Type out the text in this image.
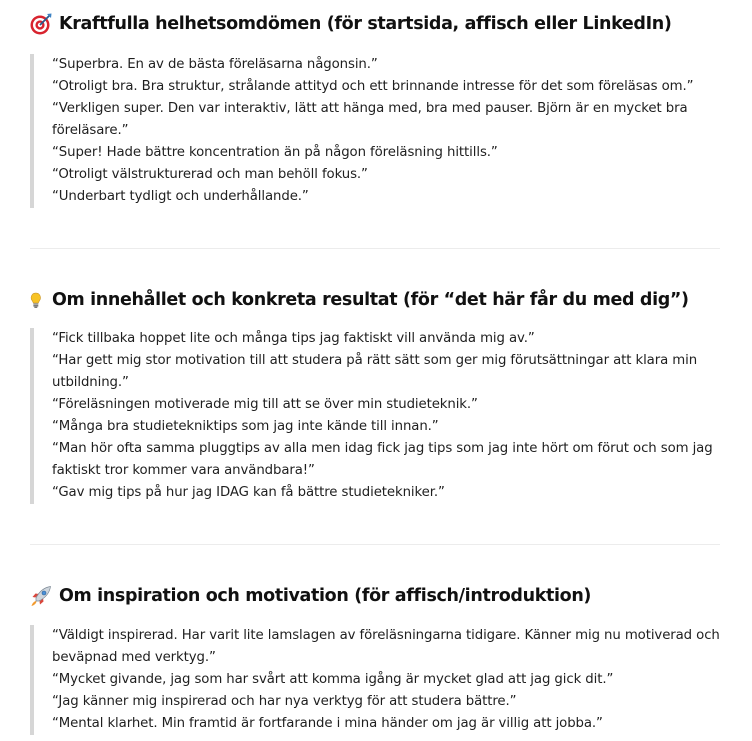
Kraftfulla helhetsomdömen (för startsida, affisch eller LinkedIn)

“Superbra. En av de bästa föreläsarna någonsin.”

“Otroligt bra. Bra struktur, strålande attityd och ett brinnande intresse för det som föreläsas om.”

“Verkligen super. Den var interaktiv, lätt att hänga med, bra med pauser. Björn är en mycket bra föreläsare.”

“Super! Hade bättre koncentration än på någon föreläsning hittills.”

“Otroligt välstrukturerad och man behöll fokus.”

“Underbart tydligt och underhållande.”

Om innehållet och konkreta resultat (för “det här får du med dig”)

“Fick tillbaka hoppet lite och många tips jag faktiskt vill använda mig av.”

“Har gett mig stor motivation till att studera på rätt sätt som ger mig förutsättningar att klara min utbildning.”

“Föreläsningen motiverade mig till att se över min studieteknik.”

“Många bra studietekniktips som jag inte kände till innan.”

“Man hör ofta samma pluggtips av alla men idag fick jag tips som jag inte hört om förut och som jag faktiskt tror kommer vara användbara!”

“Gav mig tips på hur jag IDAG kan få bättre studietekniker.”

Om inspiration och motivation (för affisch/introduktion)

“Väldigt inspirerad. Har varit lite lamslagen av föreläsningarna tidigare. Känner mig nu motiverad och beväpnad med verktyg.”

“Mycket givande, jag som har svårt att komma igång är mycket glad att jag gick dit.”

“Jag känner mig inspirerad och har nya verktyg för att studera bättre.”

“Mental klarhet. Min framtid är fortfarande i mina händer om jag är villig att jobba.”
